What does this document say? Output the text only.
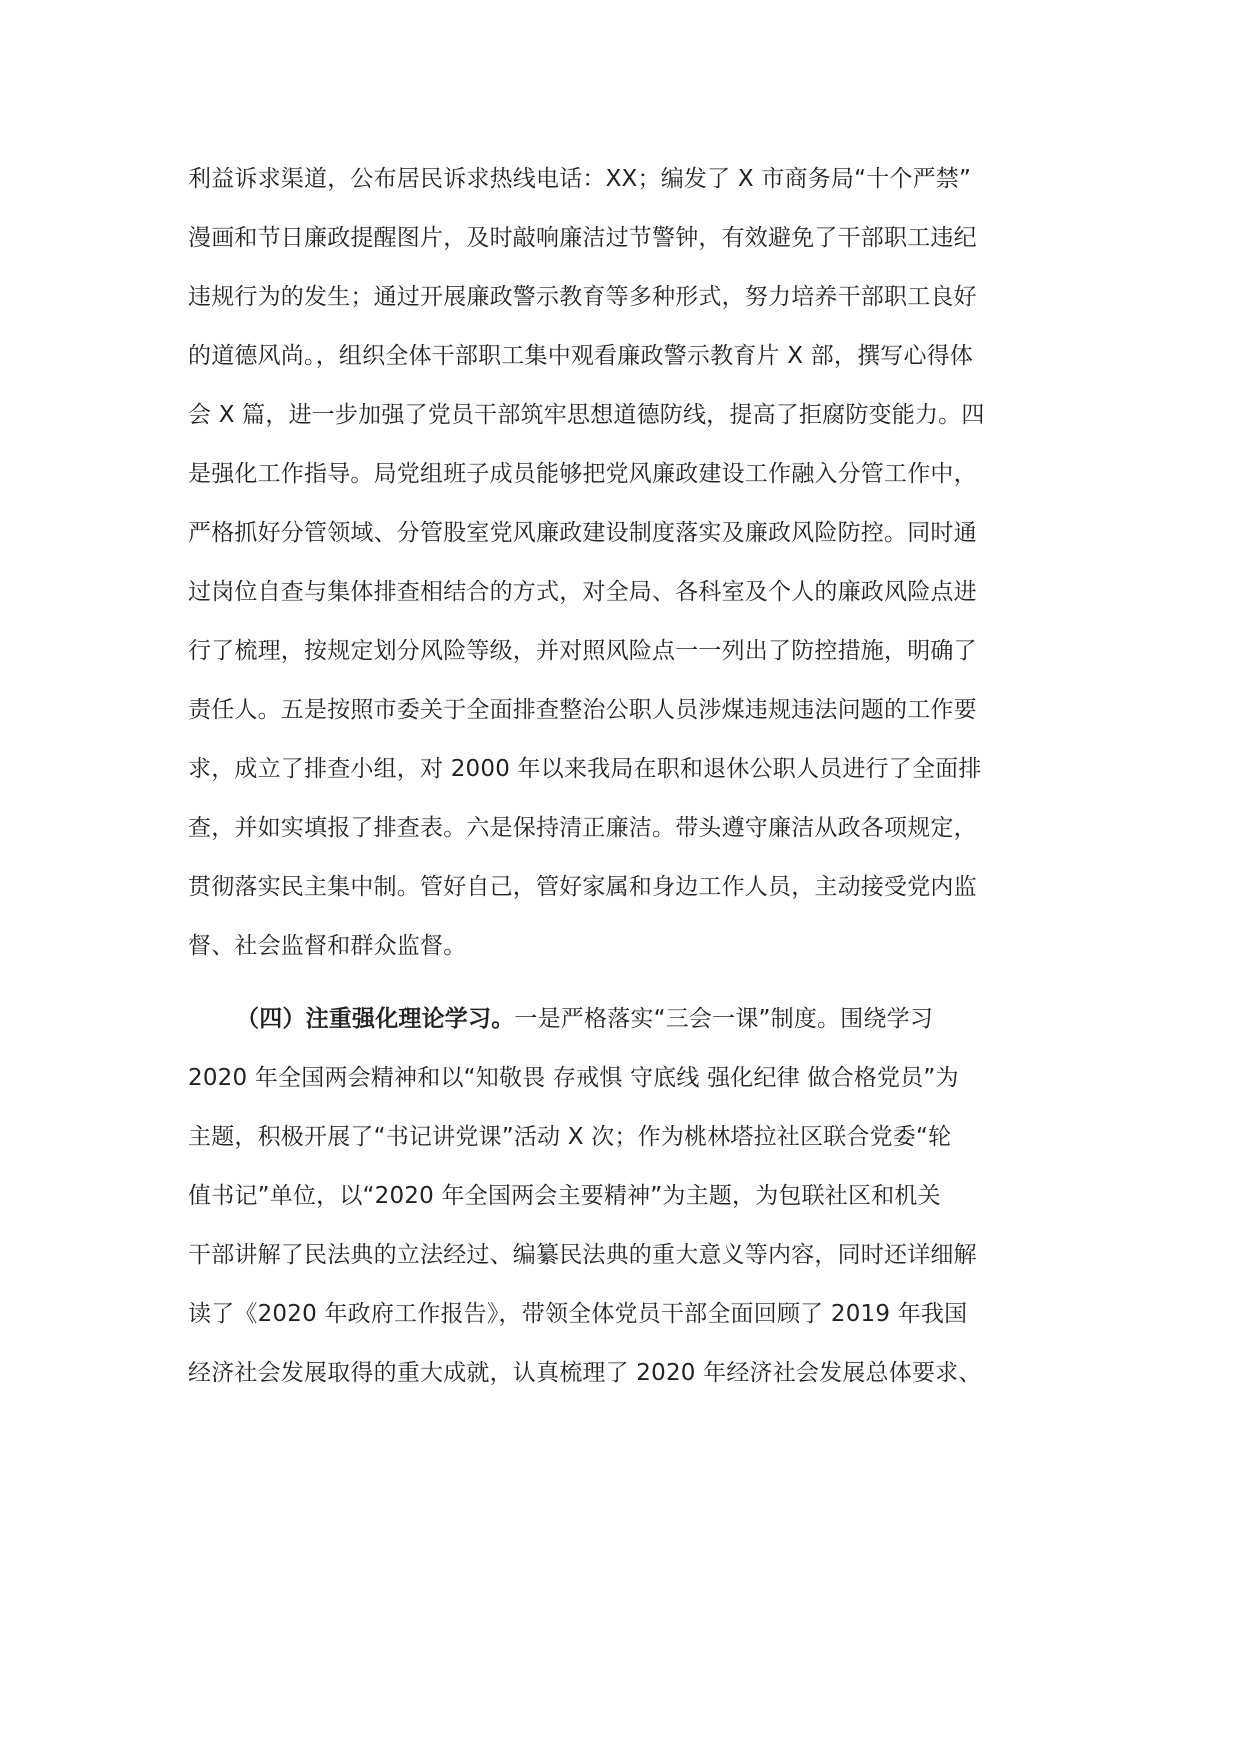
利益诉求渠道，公布居民诉求热线电话：XX；编发了 X 市商务局“十个严禁”
漫画和节日廉政提醒图片，及时敲响廉洁过节警钟，有效避免了干部职工违纪
违规行为的发生；通过开展廉政警示教育等多种形式，努力培养干部职工良好
的道德风尚。，组织全体干部职工集中观看廉政警示教育片 X 部，撰写心得体
会 X 篇，进一步加强了党员干部筑牢思想道德防线，提高了拒腐防变能力。四
是强化工作指导。局党组班子成员能够把党风廉政建设工作融入分管工作中，
严格抓好分管领域、分管股室党风廉政建设制度落实及廉政风险防控。同时通
过岗位自查与集体排查相结合的方式，对全局、各科室及个人的廉政风险点进
行了梳理，按规定划分风险等级，并对照风险点一一列出了防控措施，明确了
责任人。五是按照市委关于全面排查整治公职人员涉煤违规违法问题的工作要
求，成立了排查小组，对 2000 年以来我局在职和退休公职人员进行了全面排
查，并如实填报了排查表。六是保持清正廉洁。带头遵守廉洁从政各项规定，
贯彻落实民主集中制。管好自己，管好家属和身边工作人员，主动接受党内监
督、社会监督和群众监督。
（四）注重强化理论学习。一是严格落实“三会一课”制度。围绕学习
2020 年全国两会精神和以“知敬畏 存戒惧 守底线 强化纪律 做合格党员”为
主题，积极开展了“书记讲党课”活动 X 次；作为桃林塔拉社区联合党委“轮
值书记”单位，以“2020 年全国两会主要精神”为主题，为包联社区和机关
干部讲解了民法典的立法经过、编纂民法典的重大意义等内容，同时还详细解
读了《2020 年政府工作报告》，带领全体党员干部全面回顾了 2019 年我国
经济社会发展取得的重大成就，认真梳理了 2020 年经济社会发展总体要求、
